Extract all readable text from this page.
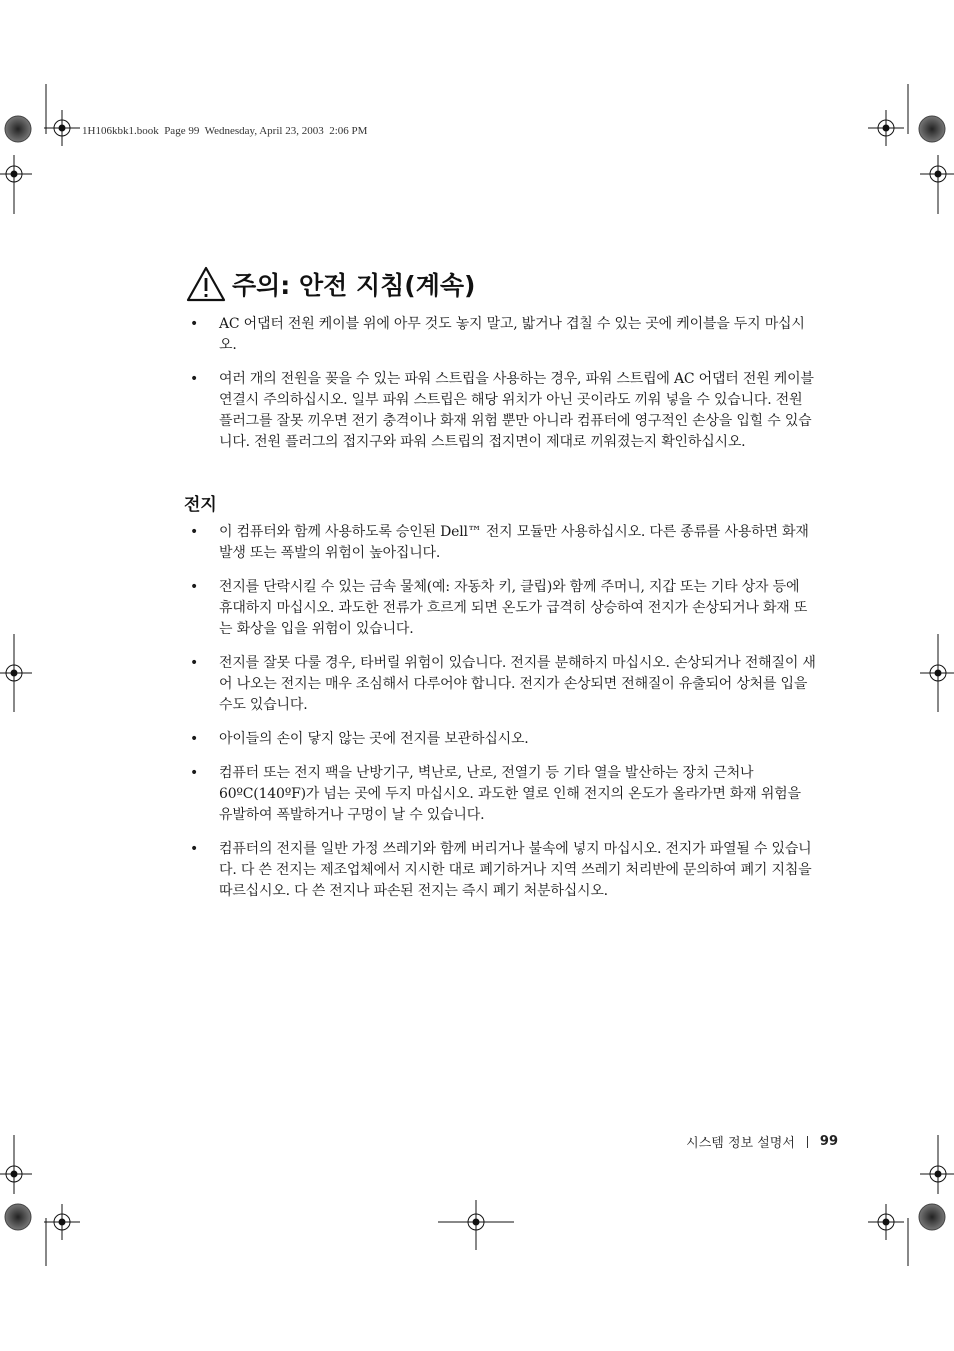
1H106kbk1.book  Page 99  Wednesday, April 23, 2003  2:06 PM
주의: 안전 지침(계속)
• AC 어댑터 전원 케이블 위에 아무 것도 놓지 말고, 밟거나 겹칠 수 있는 곳에 케이블을 두지 마십시오.
• 여러 개의 전원을 꽂을 수 있는 파워 스트립을 사용하는 경우, 파워 스트립에 AC 어댑터 전원 케이블 연결시 주의하십시오. 일부 파워 스트립은 해당 위치가 아닌 곳이라도 끼워 넣을 수 있습니다. 전원 플러그를 잘못 끼우면 전기 충격이나 화재 위험 뿐만 아니라 컴퓨터에 영구적인 손상을 입힐 수 있습니다. 전원 플러그의 접지구와 파워 스트립의 접지면이 제대로 끼워졌는지 확인하십시오.
전지
• 이 컴퓨터와 함께 사용하도록 승인된 Dell™ 전지 모듈만 사용하십시오. 다른 종류를 사용하면 화재 발생 또는 폭발의 위험이 높아집니다.
• 전지를 단락시킬 수 있는 금속 물체(예: 자동차 키, 클립)와 함께 주머니, 지갑 또는 기타 상자 등에 휴대하지 마십시오. 과도한 전류가 흐르게 되면 온도가 급격히 상승하여 전지가 손상되거나 화재 또는 화상을 입을 위험이 있습니다.
• 전지를 잘못 다룰 경우, 타버릴 위험이 있습니다. 전지를 분해하지 마십시오. 손상되거나 전해질이 새어 나오는 전지는 매우 조심해서 다루어야 합니다. 전지가 손상되면 전해질이 유출되어 상처를 입을 수도 있습니다.
• 아이들의 손이 닿지 않는 곳에 전지를 보관하십시오.
• 컴퓨터 또는 전지 팩을 난방기구, 벽난로, 난로, 전열기 등 기타 열을 발산하는 장치 근처나 60ºC(140ºF)가 넘는 곳에 두지 마십시오. 과도한 열로 인해 전지의 온도가 올라가면 화재 위험을 유발하여 폭발하거나 구멍이 날 수 있습니다.
• 컴퓨터의 전지를 일반 가정 쓰레기와 함께 버리거나 불속에 넣지 마십시오. 전지가 파열될 수 있습니다. 다 쓴 전지는 제조업체에서 지시한 대로 폐기하거나 지역 쓰레기 처리반에 문의하여 폐기 지침을 따르십시오. 다 쓴 전지나 파손된 전지는 즉시 폐기 처분하십시오.
시스템 정보 설명서 99
